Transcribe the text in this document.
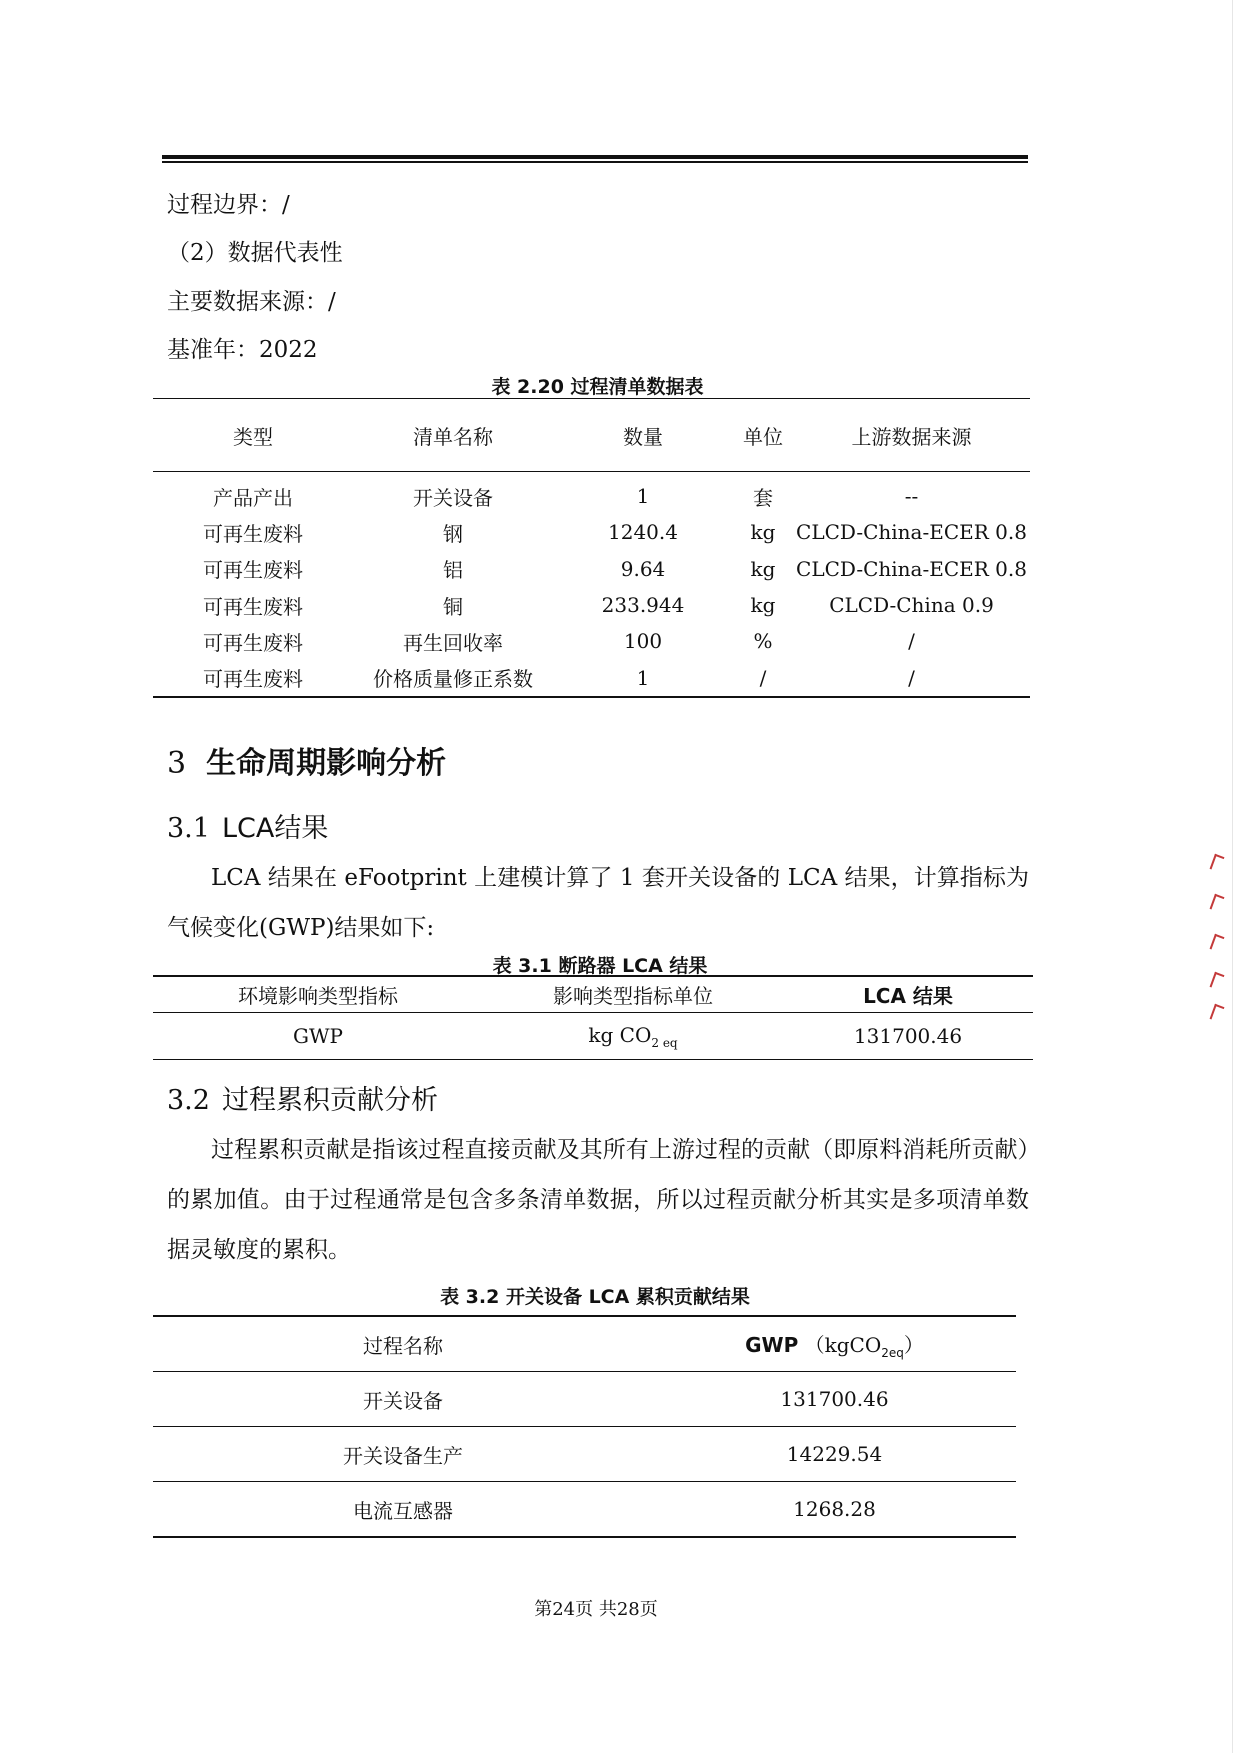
过程边界：/
（2）数据代表性
主要数据来源：/
基准年：2022
表 2.20 过程清单数据表
类型	清单名称	数量	单位	上游数据来源
产品产出	开关设备	1	套	--
可再生废料	钢	1240.4	kg	CLCD-China-ECER 0.8
可再生废料	铝	9.64	kg	CLCD-China-ECER 0.8
可再生废料	铜	233.944	kg	CLCD-China 0.9
可再生废料	再生回收率	100	%	/
可再生废料	价格质量修正系数	1	/	/
3 生命周期影响分析
3.1 LCA结果
LCA 结果在 eFootprint 上建模计算了 1 套开关设备的 LCA 结果，计算指标为气候变化(GWP)结果如下:
表 3.1 断路器 LCA 结果
环境影响类型指标	影响类型指标单位	LCA 结果
GWP	kg $CO_{2 eq}$	131700.46
3.2 过程累积贡献分析
过程累积贡献是指该过程直接贡献及其所有上游过程的贡献（即原料消耗所贡献）的累加值。由于过程通常是包含多条清单数据，所以过程贡献分析其实是多项清单数据灵敏度的累积。
表 3.2 开关设备 LCA 累积贡献结果
过程名称	GWP （kgCO$_{2eq}$）
开关设备	131700.46
开关设备生产	14229.54
电流互感器	1268.28
第24页 共28页
